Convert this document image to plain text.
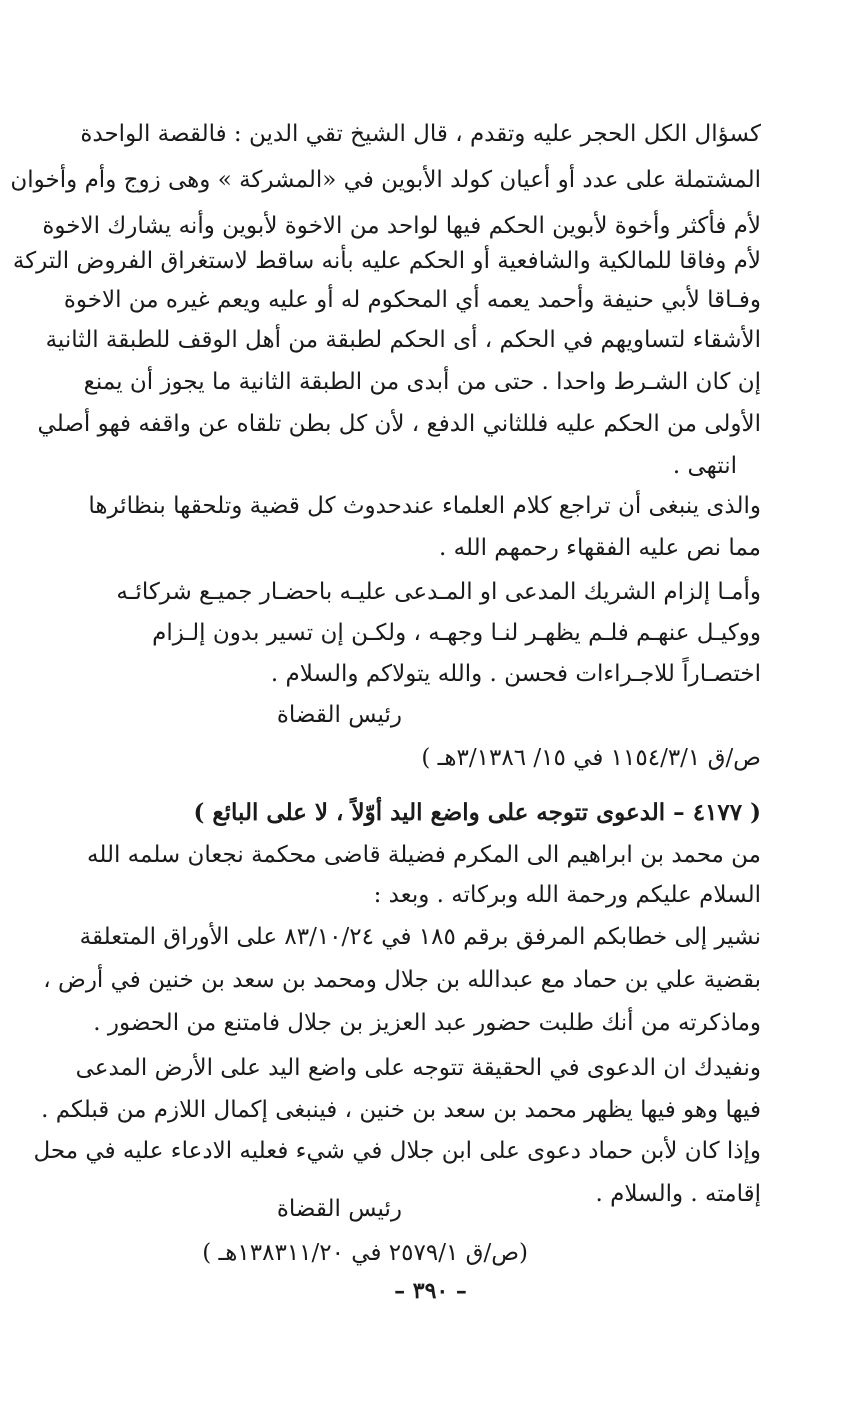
كسؤال الكل الحجر عليه وتقدم ، قال الشيخ تقي الدين : فالقصة الواحدة
المشتملة على عدد أو أعيان كولد الأبوين في «المشركة » وهى زوج وأم وأخوان
لأم فأكثر وأخوة لأبوين الحكم فيها لواحد من الاخوة لأبوين وأنه يشارك الاخوة
لأم وفاقا للمالكية والشافعية أو الحكم عليه بأنه ساقط لاستغراق الفروض التركة
وفـاقا لأبي حنيفة وأحمد يعمه أي المحكوم له أو عليه ويعم غيره من الاخوة
الأشقاء لتساويهم في الحكم ، أى الحكم لطبقة من أهل الوقف للطبقة الثانية
إن كان الشـرط واحدا . حتى من أبدى من الطبقة الثانية ما يجوز أن يمنع
الأولى من الحكم عليه فللثاني الدفع ، لأن كل بطن تلقاه عن واقفه فهو أصلي
انتهى .
والذى ينبغى أن تراجع كلام العلماء عندحدوث كل قضية وتلحقها بنظائرها
مما نص عليه الفقهاء رحمهم الله .
وأمـا إلزام الشريك المدعى او المـدعى عليـه باحضـار جميـع شركائـه
ووكيـل عنهـم فلـم يظهـر لنـا وجهـه ، ولكـن إن تسير بدون إلـزام
اختصـاراً للاجـراءات فحسن . والله يتولاكم والسلام .
رئيس القضاة
ص/ق ١١٥٤/٣/١ في ١٥/ ٣/١٣٨٦هـ )
( ٤١٧٧ – الدعوى تتوجه على واضع اليد أوّلاً ، لا على البائع )
من محمد بن ابراهيم الى المكرم فضيلة قاضى محكمة نجعان سلمه الله
السلام عليكم ورحمة الله وبركاته . وبعد :
نشير إلى خطابكم المرفق برقم ١٨٥ في ٨٣/١٠/٢٤ على الأوراق المتعلقة
بقضية علي بن حماد مع عبدالله بن جلال ومحمد بن سعد بن خنين في أرض ،
وماذكرته من أنك طلبت حضور عبد العزيز بن جلال فامتنع من الحضور .
ونفيدك ان الدعوى في الحقيقة تتوجه على واضع اليد على الأرض المدعى
فيها وهو فيها يظهر محمد بن سعد بن خنين ، فينبغى إكمال اللازم من قبلكم .
وإذا كان لأبن حماد دعوى على ابن جلال في شيء فعليه الادعاء عليه في محل
إقامته . والسلام .
رئيس القضاة
(ص/ق ٢٥٧٩/١ في ١٣٨٣١١/٢٠هـ )
– ٣٩٠ –
